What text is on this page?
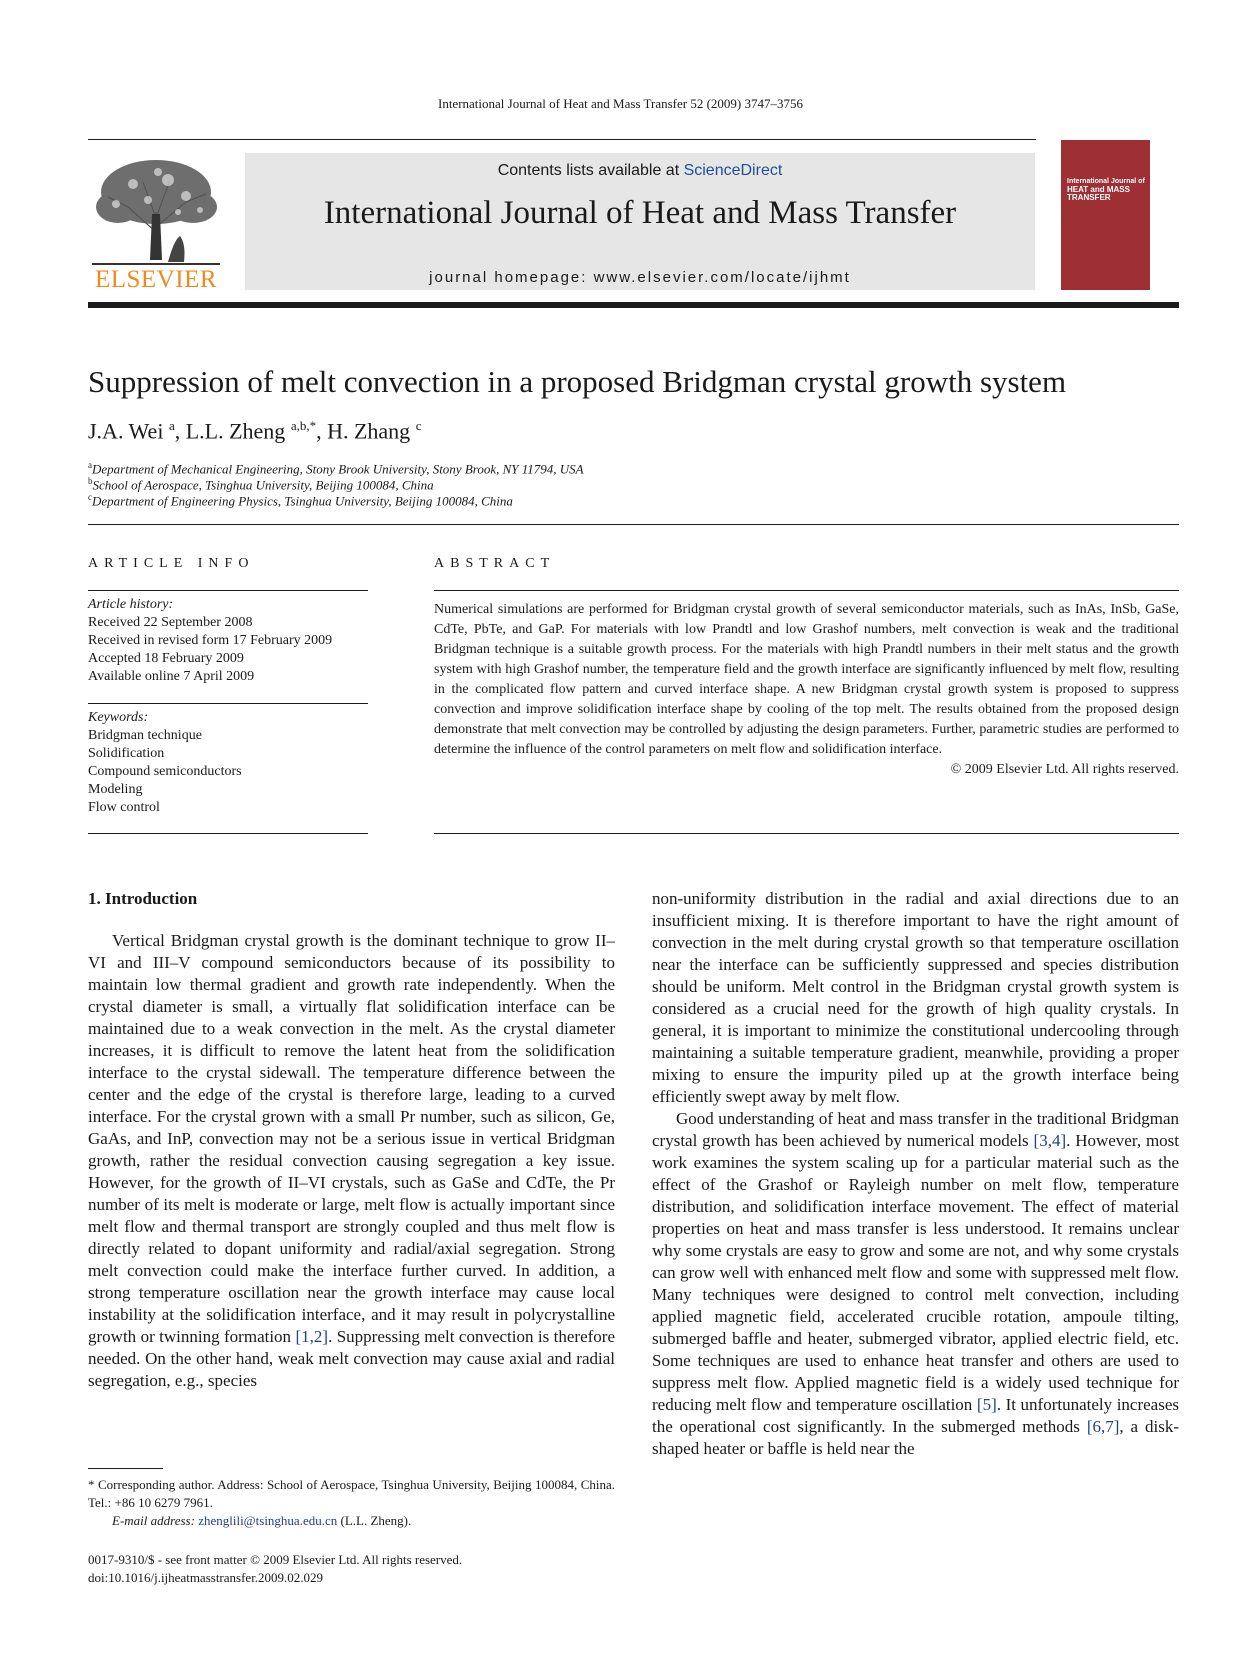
International Journal of Heat and Mass Transfer 52 (2009) 3747–3756
ELSEVIER
Contents lists available at ScienceDirect
International Journal of Heat and Mass Transfer
journal homepage: www.elsevier.com/locate/ijhmt
International Journal of
HEAT and MASS
TRANSFER
Suppression of melt convection in a proposed Bridgman crystal growth system
J.A. Wei $^a$, L.L. Zheng $^{a,b,*}$, H. Zhang $^c$
$^a$Department of Mechanical Engineering, Stony Brook University, Stony Brook, NY 11794, USA
$^b$School of Aerospace, Tsinghua University, Beijing 100084, China
$^c$Department of Engineering Physics, Tsinghua University, Beijing 100084, China
ARTICLE INFO
Article history:
Received 22 September 2008
Received in revised form 17 February 2009
Accepted 18 February 2009
Available online 7 April 2009
Keywords:
Bridgman technique
Solidification
Compound semiconductors
Modeling
Flow control
ABSTRACT
Numerical simulations are performed for Bridgman crystal growth of several semiconductor materials, such as InAs, InSb, GaSe, CdTe, PbTe, and GaP. For materials with low Prandtl and low Grashof numbers, melt convection is weak and the traditional Bridgman technique is a suitable growth process. For the materials with high Prandtl numbers in their melt status and the growth system with high Grashof number, the temperature field and the growth interface are significantly influenced by melt flow, resulting in the complicated flow pattern and curved interface shape. A new Bridgman crystal growth system is proposed to suppress convection and improve solidification interface shape by cooling of the top melt. The results obtained from the proposed design demonstrate that melt convection may be controlled by adjusting the design parameters. Further, parametric studies are performed to determine the influence of the control parameters on melt flow and solidification interface.
© 2009 Elsevier Ltd. All rights reserved.
1. Introduction

Vertical Bridgman crystal growth is the dominant technique to grow II–VI and III–V compound semiconductors because of its possibility to maintain low thermal gradient and growth rate independently. When the crystal diameter is small, a virtually flat solidification interface can be maintained due to a weak convection in the melt. As the crystal diameter increases, it is difficult to remove the latent heat from the solidification interface to the crystal sidewall. The temperature difference between the center and the edge of the crystal is therefore large, leading to a curved interface. For the crystal grown with a small Pr number, such as silicon, Ge, GaAs, and InP, convection may not be a serious issue in vertical Bridgman growth, rather the residual convection causing segregation a key issue. However, for the growth of II–VI crystals, such as GaSe and CdTe, the Pr number of its melt is moderate or large, melt flow is actually important since melt flow and thermal transport are strongly coupled and thus melt flow is directly related to dopant uniformity and radial/axial segregation. Strong melt convection could make the interface further curved. In addition, a strong temperature oscillation near the growth interface may cause local instability at the solidification interface, and it may result in polycrystalline growth or twinning formation [1,2]. Suppressing melt convection is therefore needed. On the other hand, weak melt convection may cause axial and radial segregation, e.g., species

non-uniformity distribution in the radial and axial directions due to an insufficient mixing. It is therefore important to have the right amount of convection in the melt during crystal growth so that temperature oscillation near the interface can be sufficiently suppressed and species distribution should be uniform. Melt control in the Bridgman crystal growth system is considered as a crucial need for the growth of high quality crystals. In general, it is important to minimize the constitutional undercooling through maintaining a suitable temperature gradient, meanwhile, providing a proper mixing to ensure the impurity piled up at the growth interface being efficiently swept away by melt flow.

Good understanding of heat and mass transfer in the traditional Bridgman crystal growth has been achieved by numerical models [3,4]. However, most work examines the system scaling up for a particular material such as the effect of the Grashof or Rayleigh number on melt flow, temperature distribution, and solidification interface movement. The effect of material properties on heat and mass transfer is less understood. It remains unclear why some crystals are easy to grow and some are not, and why some crystals can grow well with enhanced melt flow and some with suppressed melt flow. Many techniques were designed to control melt convection, including applied magnetic field, accelerated crucible rotation, ampoule tilting, submerged baffle and heater, submerged vibrator, applied electric field, etc. Some techniques are used to enhance heat transfer and others are used to suppress melt flow. Applied magnetic field is a widely used technique for reducing melt flow and temperature oscillation [5]. It unfortunately increases the operational cost significantly. In the submerged methods [6,7], a disk-shaped heater or baffle is held near the

* Corresponding author. Address: School of Aerospace, Tsinghua University, Beijing 100084, China. Tel.: +86 10 6279 7961.
E-mail address: zhenglili@tsinghua.edu.cn (L.L. Zheng).
0017-9310/$ - see front matter © 2009 Elsevier Ltd. All rights reserved.
doi:10.1016/j.ijheatmasstransfer.2009.02.029
